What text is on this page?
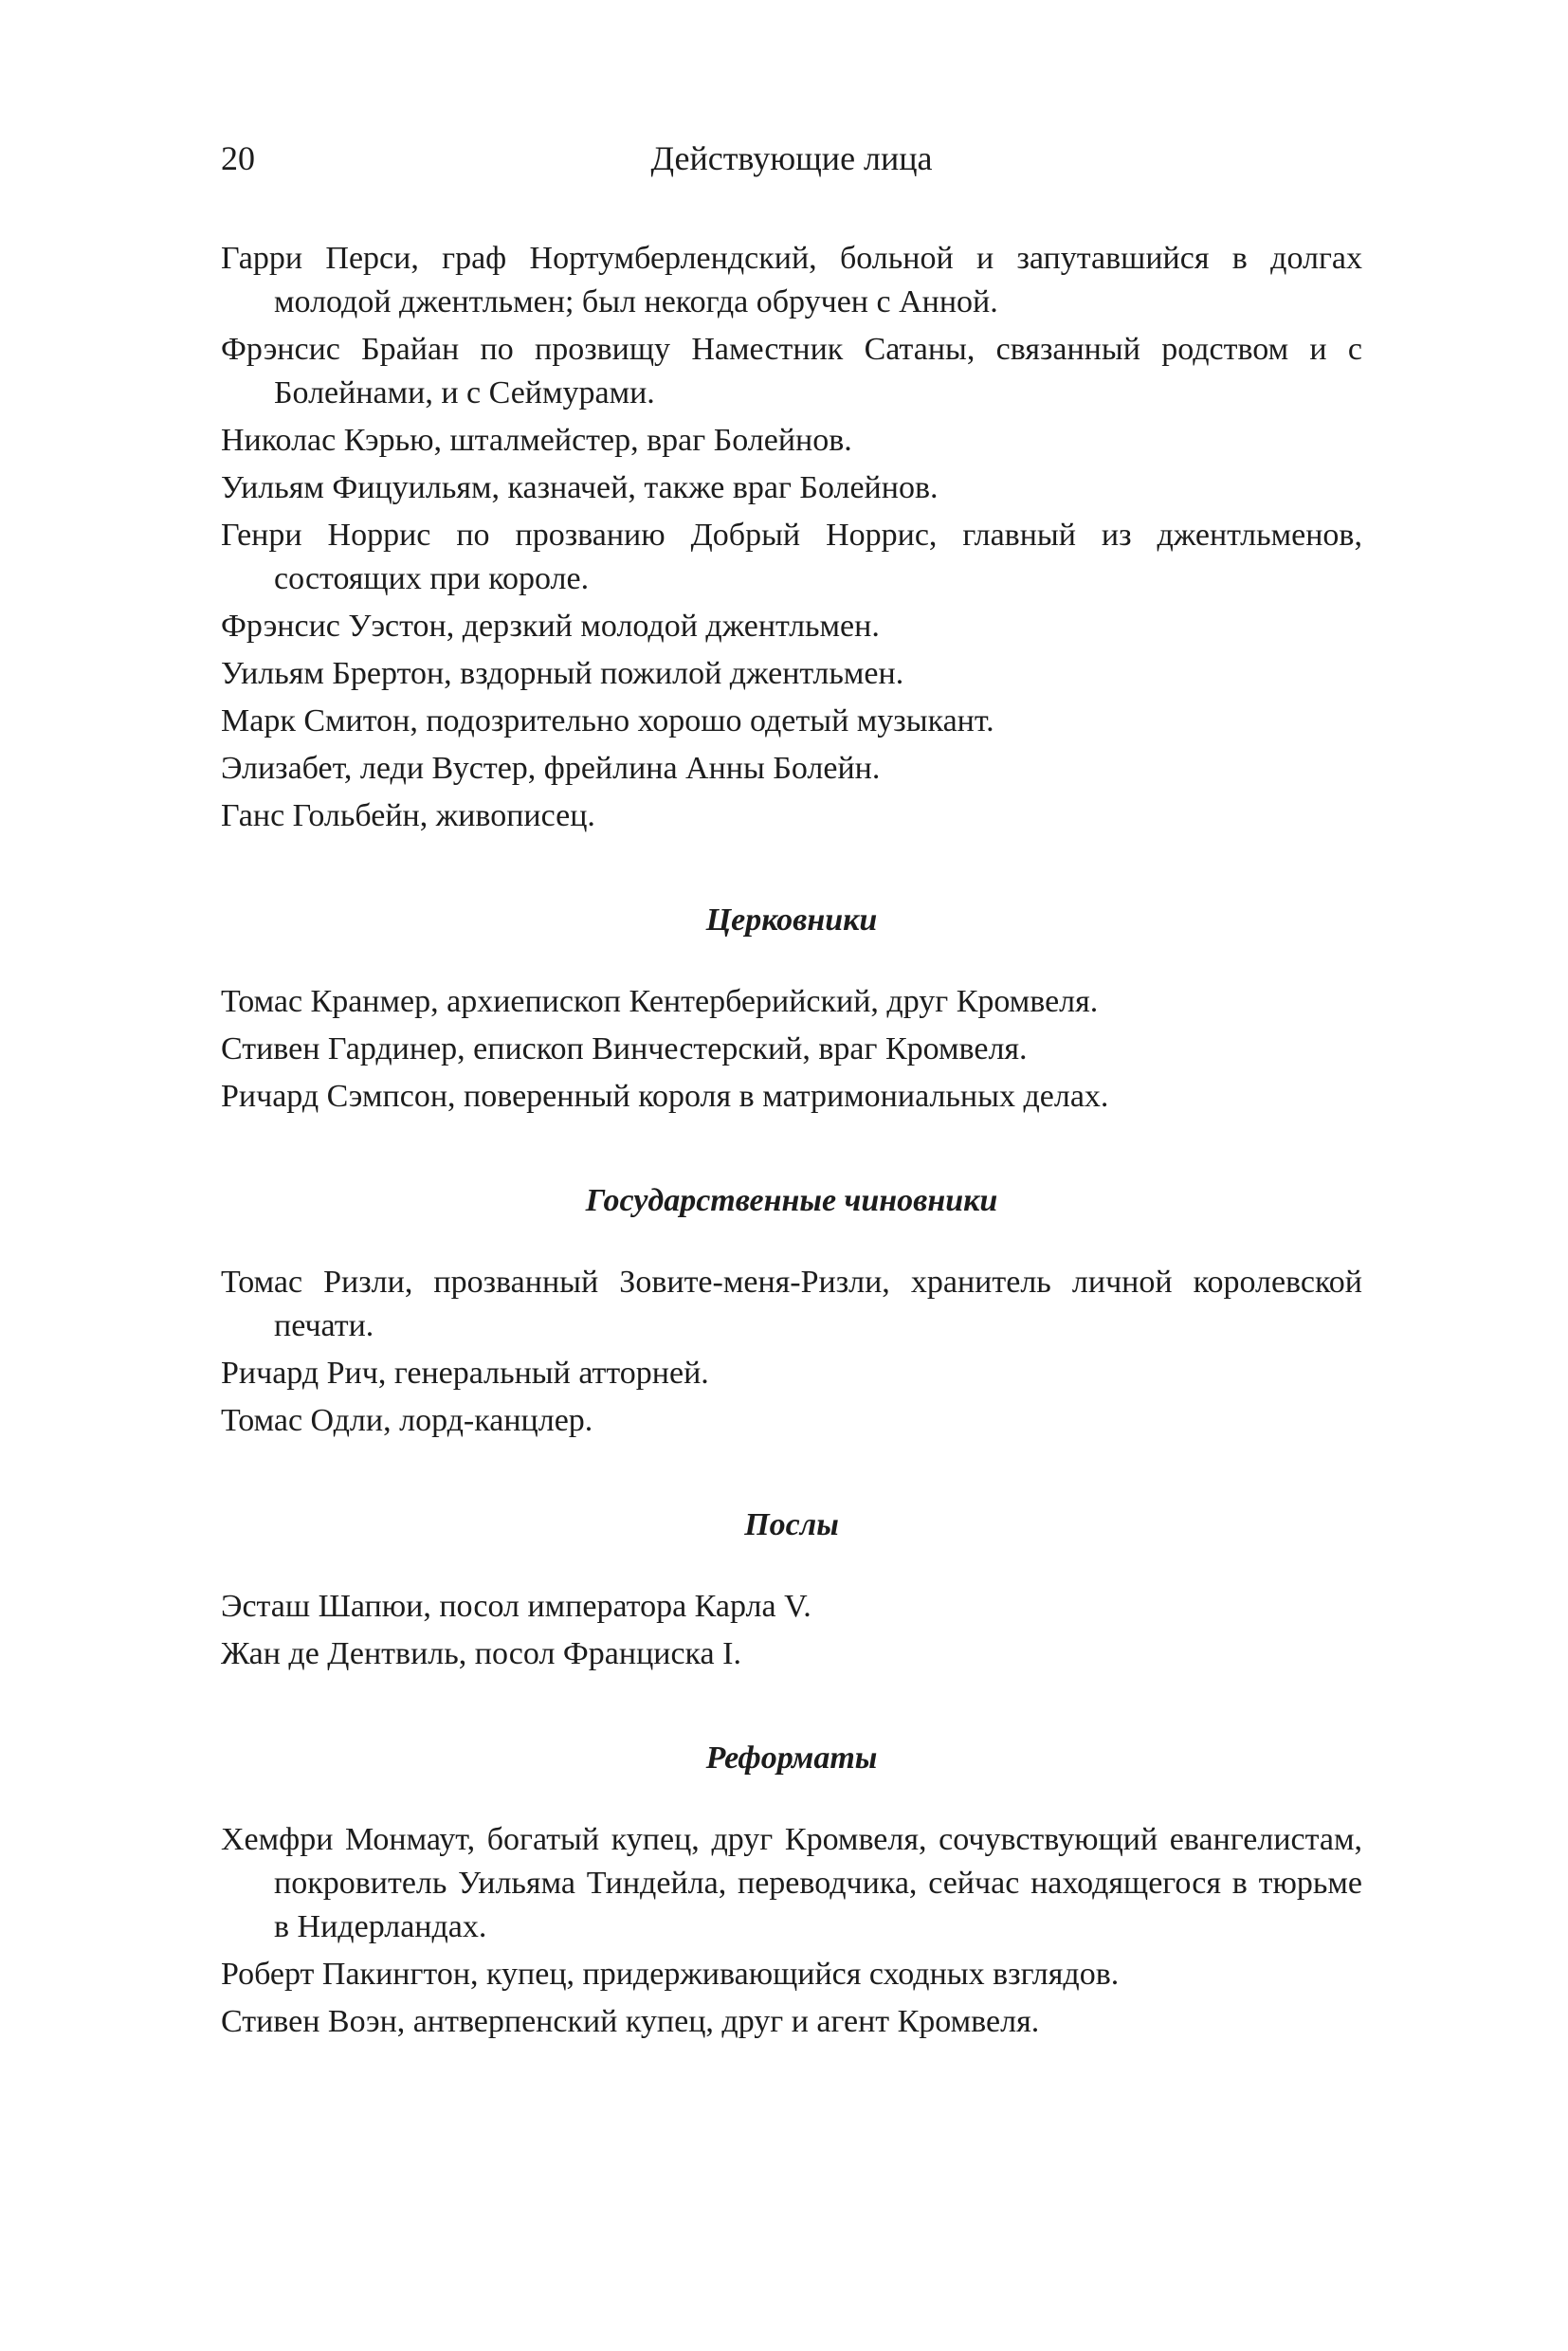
20	Действующие лица

Гарри Перси, граф Нортумберлендский, больной и запутавшийся в долгах молодой джентльмен; был некогда обручен с Анной.

Фрэнсис Брайан по прозвищу Наместник Сатаны, связанный родством и с Болейнами, и с Сеймурами.

Николас Кэрью, шталмейстер, враг Болейнов.

Уильям Фицуильям, казначей, также враг Болейнов.

Генри Норрис по прозванию Добрый Норрис, главный из джентльменов, состоящих при короле.

Фрэнсис Уэстон, дерзкий молодой джентльмен.

Уильям Брертон, вздорный пожилой джентльмен.

Марк Смитон, подозрительно хорошо одетый музыкант.

Элизабет, леди Вустер, фрейлина Анны Болейн.

Ганс Гольбейн, живописец.

Церковники

Томас Кранмер, архиепископ Кентерберийский, друг Кромвеля.

Стивен Гардинер, епископ Винчестерский, враг Кромвеля.

Ричард Сэмпсон, поверенный короля в матримониальных делах.

Государственные чиновники

Томас Ризли, прозванный Зовите-меня-Ризли, хранитель личной королевской печати.

Ричард Рич, генеральный атторней.

Томас Одли, лорд-канцлер.

Послы

Эсташ Шапюи, посол императора Карла V.

Жан де Дентвиль, посол Франциска I.

Реформаты

Хемфри Монмаут, богатый купец, друг Кромвеля, сочувствующий евангелистам, покровитель Уильяма Тиндейла, переводчика, сейчас находящегося в тюрьме в Нидерландах.

Роберт Пакингтон, купец, придерживающийся сходных взглядов.

Стивен Воэн, антверпенский купец, друг и агент Кромвеля.
